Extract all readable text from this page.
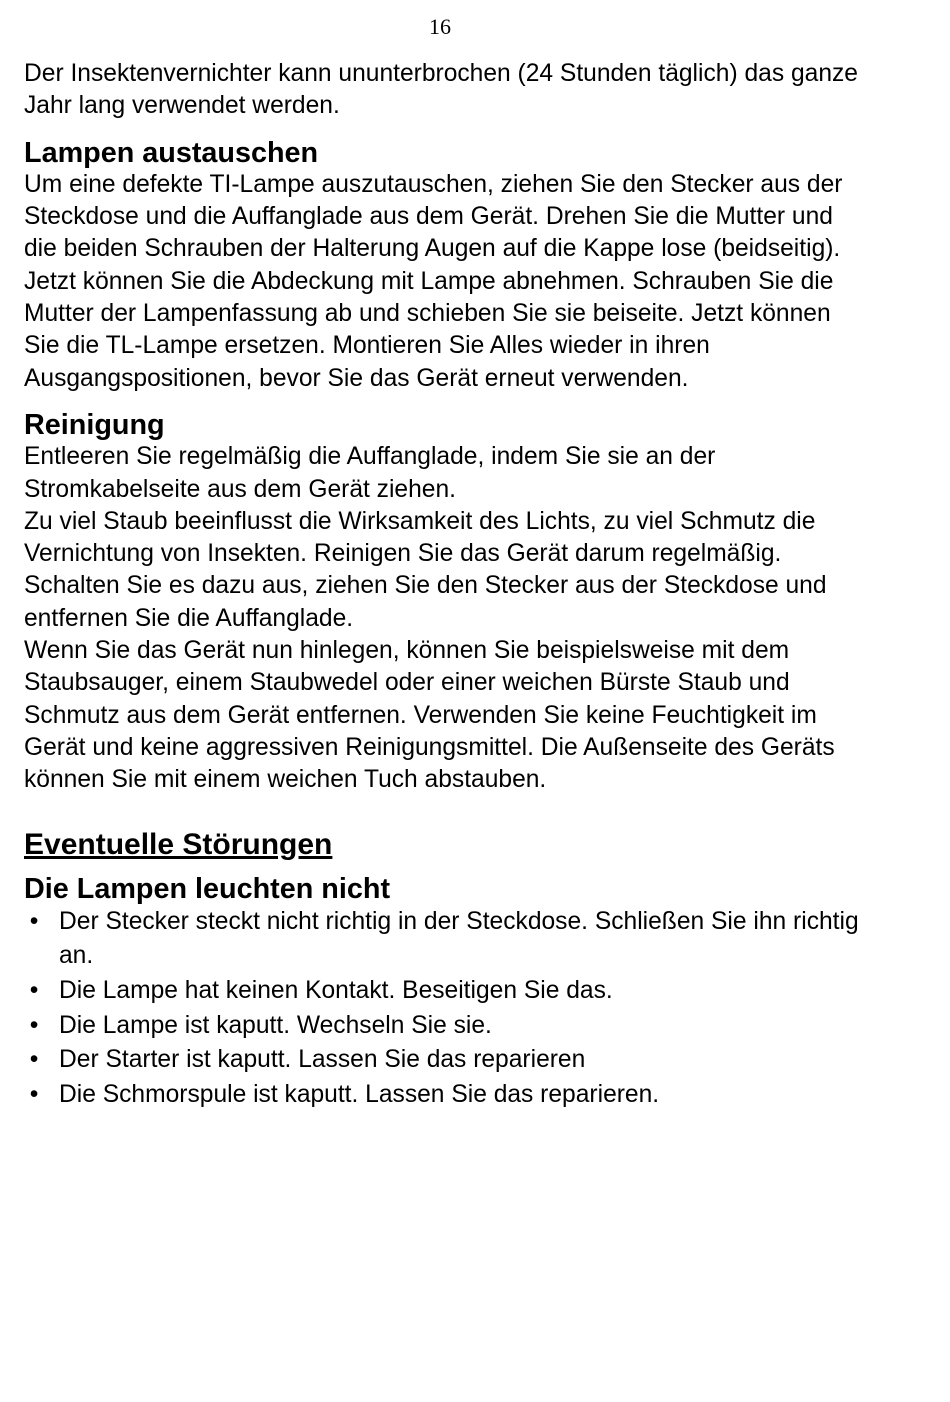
16

Der Insektenvernichter kann ununterbrochen (24 Stunden täglich) das ganze Jahr lang verwendet werden.

Lampen austauschen

Um eine defekte TI-Lampe auszutauschen, ziehen Sie den Stecker aus der Steckdose und die Auffanglade aus dem Gerät. Drehen Sie die Mutter und die beiden Schrauben der Halterung Augen auf die Kappe lose (beidseitig). Jetzt können Sie die Abdeckung mit Lampe abnehmen. Schrauben Sie die Mutter der Lampenfassung ab und schieben Sie sie beiseite. Jetzt können Sie die TL-Lampe ersetzen. Montieren Sie Alles wieder in ihren Ausgangspositionen, bevor Sie das Gerät erneut verwenden.

Reinigung

Entleeren Sie regelmäßig die Auffanglade, indem Sie sie an der Stromkabelseite aus dem Gerät ziehen.

Zu viel Staub beeinflusst die Wirksamkeit des Lichts, zu viel Schmutz die Vernichtung von Insekten. Reinigen Sie das Gerät darum regelmäßig. Schalten Sie es dazu aus, ziehen Sie den Stecker aus der Steckdose und entfernen Sie die Auffanglade.

Wenn Sie das Gerät nun hinlegen, können Sie beispielsweise mit dem Staubsauger, einem Staubwedel oder einer weichen Bürste Staub und Schmutz aus dem Gerät entfernen. Verwenden Sie keine Feuchtigkeit im Gerät und keine aggressiven Reinigungsmittel. Die Außenseite des Geräts können Sie mit einem weichen Tuch abstauben.

Eventuelle Störungen
Die Lampen leuchten nicht
• Der Stecker steckt nicht richtig in der Steckdose. Schließen Sie ihn richtig an.
• Die Lampe hat keinen Kontakt. Beseitigen Sie das.
• Die Lampe ist kaputt. Wechseln Sie sie.
• Der Starter ist kaputt. Lassen Sie das reparieren
• Die Schmorspule ist kaputt. Lassen Sie das reparieren.
